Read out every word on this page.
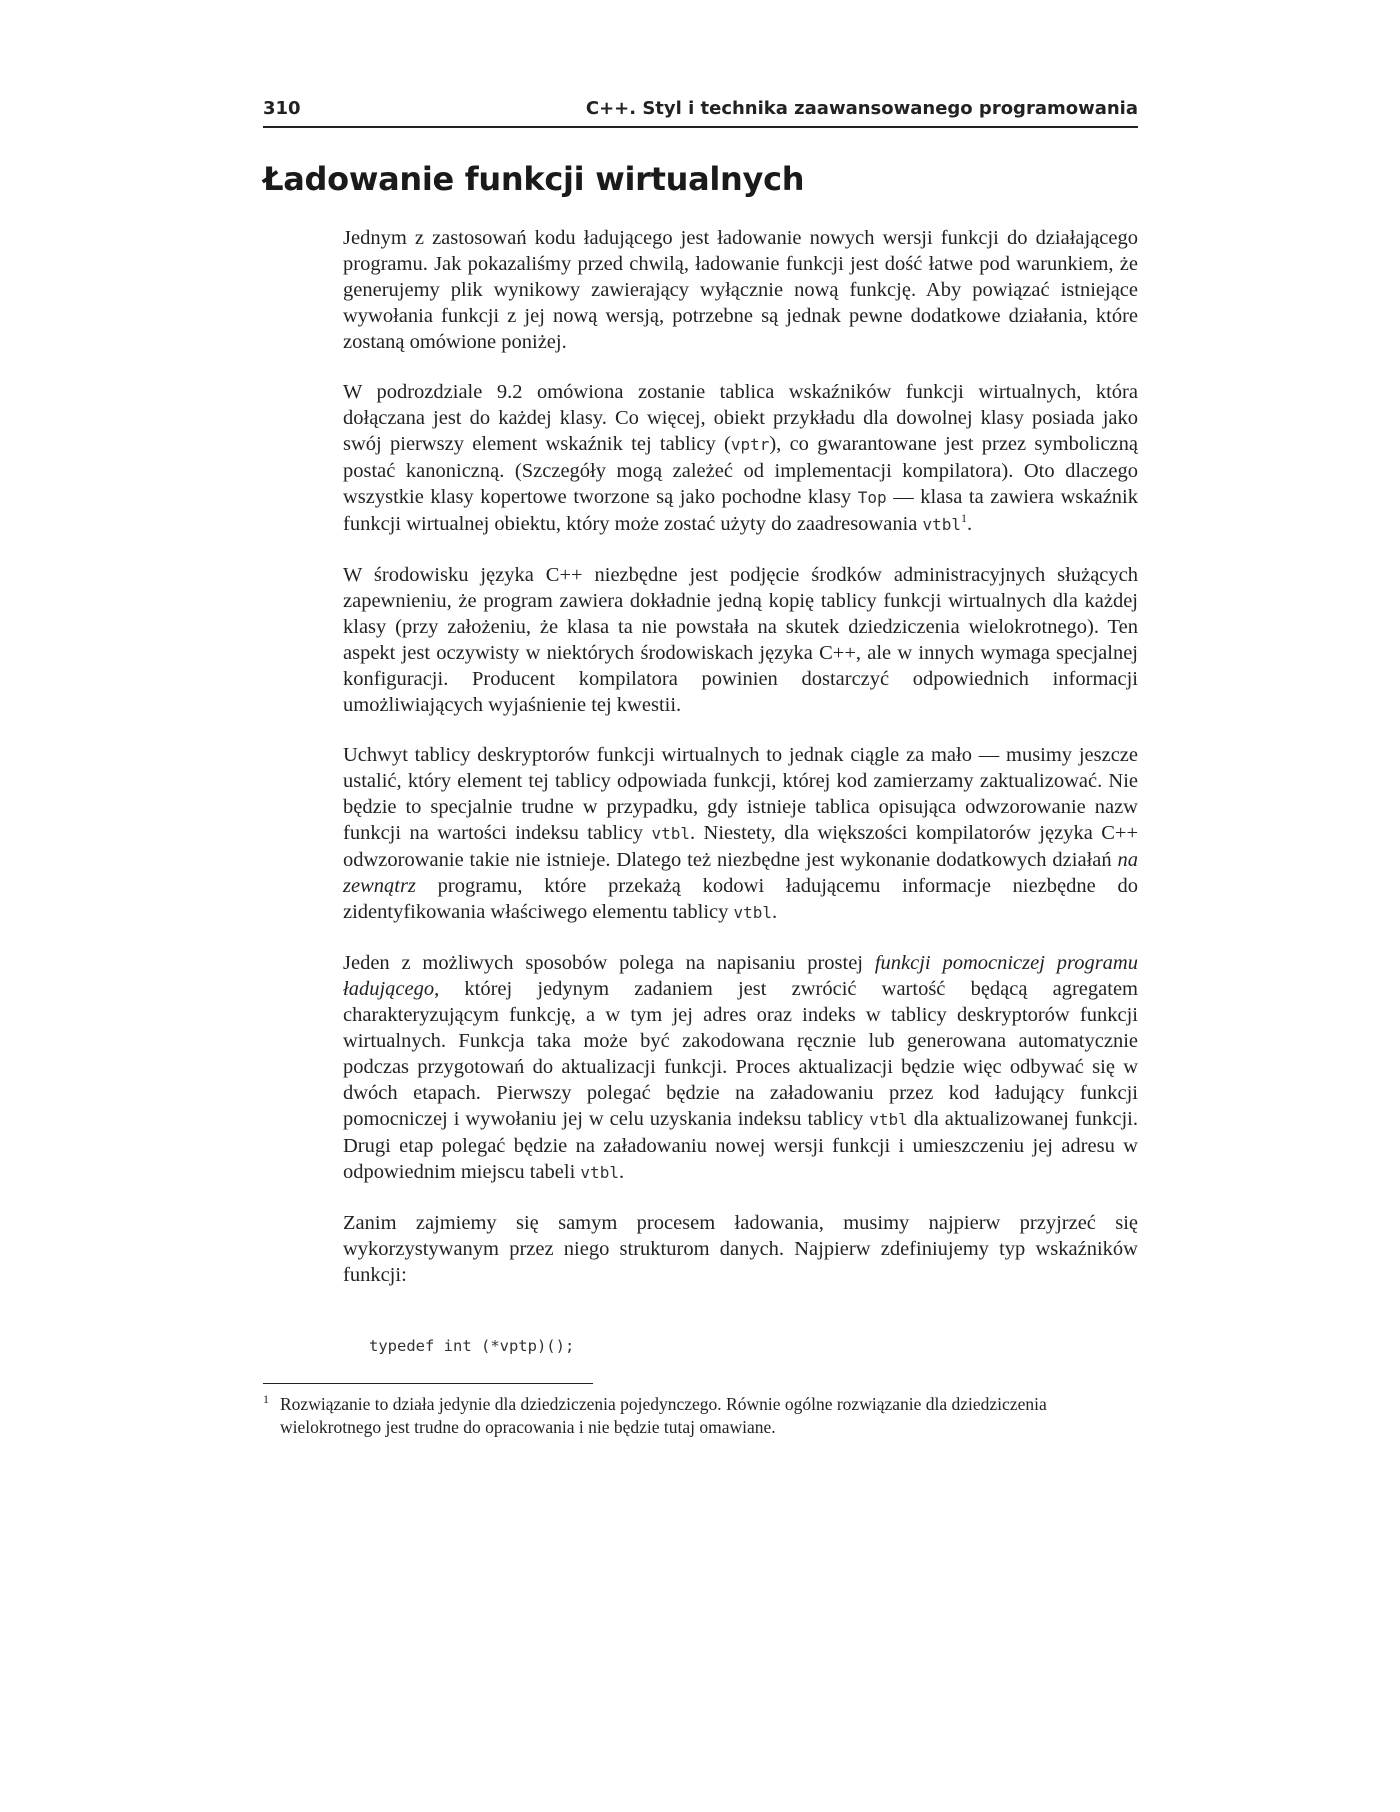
310	C++. Styl i technika zaawansowanego programowania
Ładowanie funkcji wirtualnych

Jednym z zastosowań kodu ładującego jest ładowanie nowych wersji funkcji do działającego programu. Jak pokazaliśmy przed chwilą, ładowanie funkcji jest dość łatwe pod warunkiem, że generujemy plik wynikowy zawierający wyłącznie nową funkcję. Aby powiązać istniejące wywołania funkcji z jej nową wersją, potrzebne są jednak pewne dodatkowe działania, które zostaną omówione poniżej.

W podrozdziale 9.2 omówiona zostanie tablica wskaźników funkcji wirtualnych, która dołączana jest do każdej klasy. Co więcej, obiekt przykładu dla dowolnej klasy posiada jako swój pierwszy element wskaźnik tej tablicy (vptr), co gwarantowane jest przez symboliczną postać kanoniczną. (Szczegóły mogą zależeć od implementacji kompilatora). Oto dlaczego wszystkie klasy kopertowe tworzone są jako pochodne klasy Top — klasa ta zawiera wskaźnik funkcji wirtualnej obiektu, który może zostać użyty do zaadresowania vtbl$^1$.

W środowisku języka C++ niezbędne jest podjęcie środków administracyjnych służących zapewnieniu, że program zawiera dokładnie jedną kopię tablicy funkcji wirtualnych dla każdej klasy (przy założeniu, że klasa ta nie powstała na skutek dziedziczenia wielokrotnego). Ten aspekt jest oczywisty w niektórych środowiskach języka C++, ale w innych wymaga specjalnej konfiguracji. Producent kompilatora powinien dostarczyć odpowiednich informacji umożliwiających wyjaśnienie tej kwestii.

Uchwyt tablicy deskryptorów funkcji wirtualnych to jednak ciągle za mało — musimy jeszcze ustalić, który element tej tablicy odpowiada funkcji, której kod zamierzamy zaktualizować. Nie będzie to specjalnie trudne w przypadku, gdy istnieje tablica opisująca odwzorowanie nazw funkcji na wartości indeksu tablicy vtbl. Niestety, dla większości kompilatorów języka C++ odwzorowanie takie nie istnieje. Dlatego też niezbędne jest wykonanie dodatkowych działań na zewnątrz programu, które przekażą kodowi ładującemu informacje niezbędne do zidentyfikowania właściwego elementu tablicy vtbl.

Jeden z możliwych sposobów polega na napisaniu prostej funkcji pomocniczej programu ładującego, której jedynym zadaniem jest zwrócić wartość będącą agregatem charakteryzującym funkcję, a w tym jej adres oraz indeks w tablicy deskryptorów funkcji wirtualnych. Funkcja taka może być zakodowana ręcznie lub generowana automatycznie podczas przygotowań do aktualizacji funkcji. Proces aktualizacji będzie więc odbywać się w dwóch etapach. Pierwszy polegać będzie na załadowaniu przez kod ładujący funkcji pomocniczej i wywołaniu jej w celu uzyskania indeksu tablicy vtbl dla aktualizowanej funkcji. Drugi etap polegać będzie na załadowaniu nowej wersji funkcji i umieszczeniu jej adresu w odpowiednim miejscu tabeli vtbl.

Zanim zajmiemy się samym procesem ładowania, musimy najpierw przyjrzeć się wykorzystywanym przez niego strukturom danych. Najpierw zdefiniujemy typ wskaźników funkcji:

typedef int (*vptp)();
1 Rozwiązanie to działa jedynie dla dziedziczenia pojedynczego. Równie ogólne rozwiązanie dla dziedziczenia wielokrotnego jest trudne do opracowania i nie będzie tutaj omawiane.
